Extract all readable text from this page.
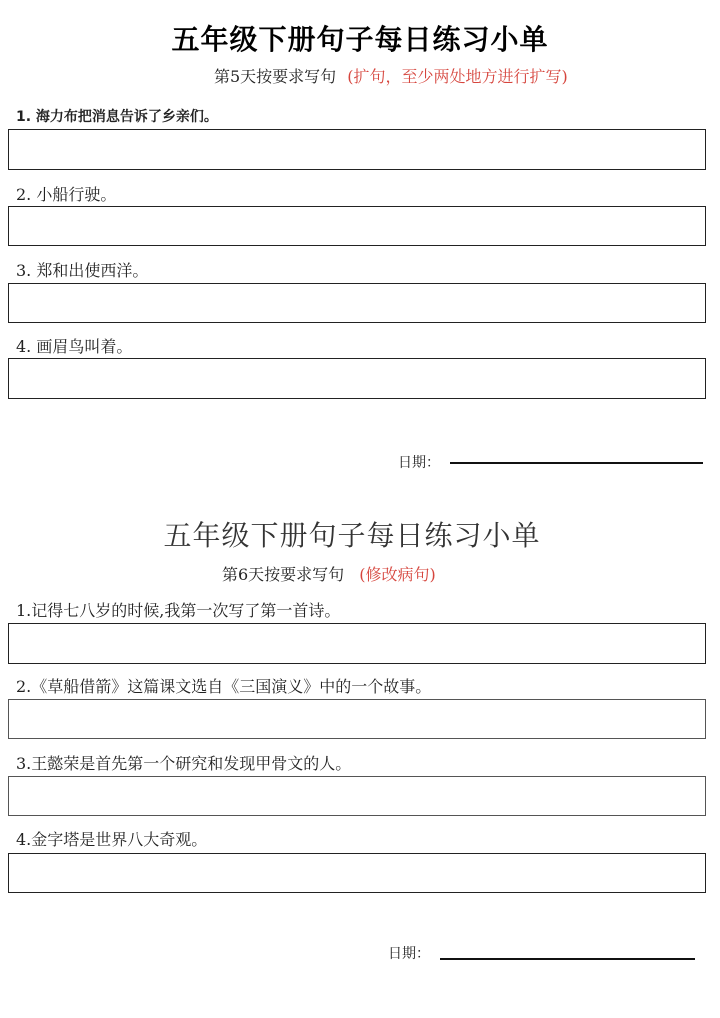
五年级下册句子每日练习小单
第5天按要求写句 (扩句，至少两处地方进行扩写)
1. 海力布把消息告诉了乡亲们。
2. 小船行驶。
3. 郑和出使西洋。
4. 画眉鸟叫着。
日期：
五年级下册句子每日练习小单
第6天按要求写句 (修改病句)
1.记得七八岁的时候,我第一次写了第一首诗。
2.《草船借箭》这篇课文选自《三国演义》中的一个故事。
3.王懿荣是首先第一个研究和发现甲骨文的人。
4.金字塔是世界八大奇观。
日期：
